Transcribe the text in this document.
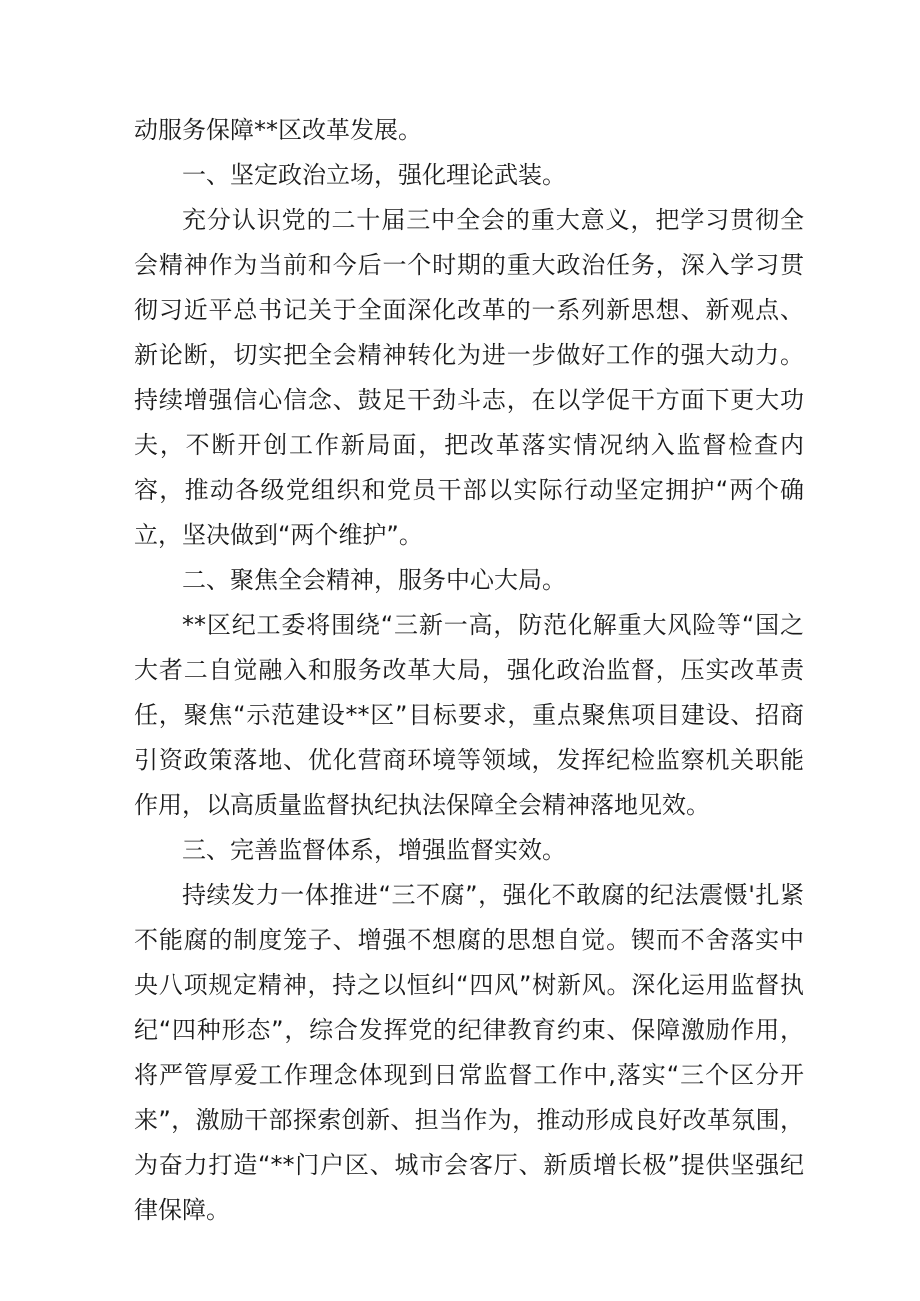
动服务保障**区改革发展。

一、坚定政治立场，强化理论武装。

充分认识党的二十届三中全会的重大意义，把学习贯彻全会精神作为当前和今后一个时期的重大政治任务，深入学习贯彻习近平总书记关于全面深化改革的一系列新思想、新观点、新论断，切实把全会精神转化为进一步做好工作的强大动力。持续增强信心信念、鼓足干劲斗志，在以学促干方面下更大功夫，不断开创工作新局面，把改革落实情况纳入监督检查内容，推动各级党组织和党员干部以实际行动坚定拥护“两个确立，坚决做到“两个维护”。

二、聚焦全会精神，服务中心大局。

**区纪工委将围绕“三新一高，防范化解重大风险等“国之大者二自觉融入和服务改革大局，强化政治监督，压实改革责任，聚焦“示范建设**区”目标要求，重点聚焦项目建设、招商引资政策落地、优化营商环境等领域，发挥纪检监察机关职能作用，以高质量监督执纪执法保障全会精神落地见效。

三、完善监督体系，增强监督实效。

持续发力一体推进“三不腐”，强化不敢腐的纪法震慑'扎紧不能腐的制度笼子、增强不想腐的思想自觉。锲而不舍落实中央八项规定精神，持之以恒纠“四风”树新风。深化运用监督执纪“四种形态”，综合发挥党的纪律教育约束、保障激励作用，将严管厚爱工作理念体现到日常监督工作中,落实“三个区分开来”，激励干部探索创新、担当作为，推动形成良好改革氛围，为奋力打造“**门户区、城市会客厅、新质增长极”提供坚强纪律保障。
